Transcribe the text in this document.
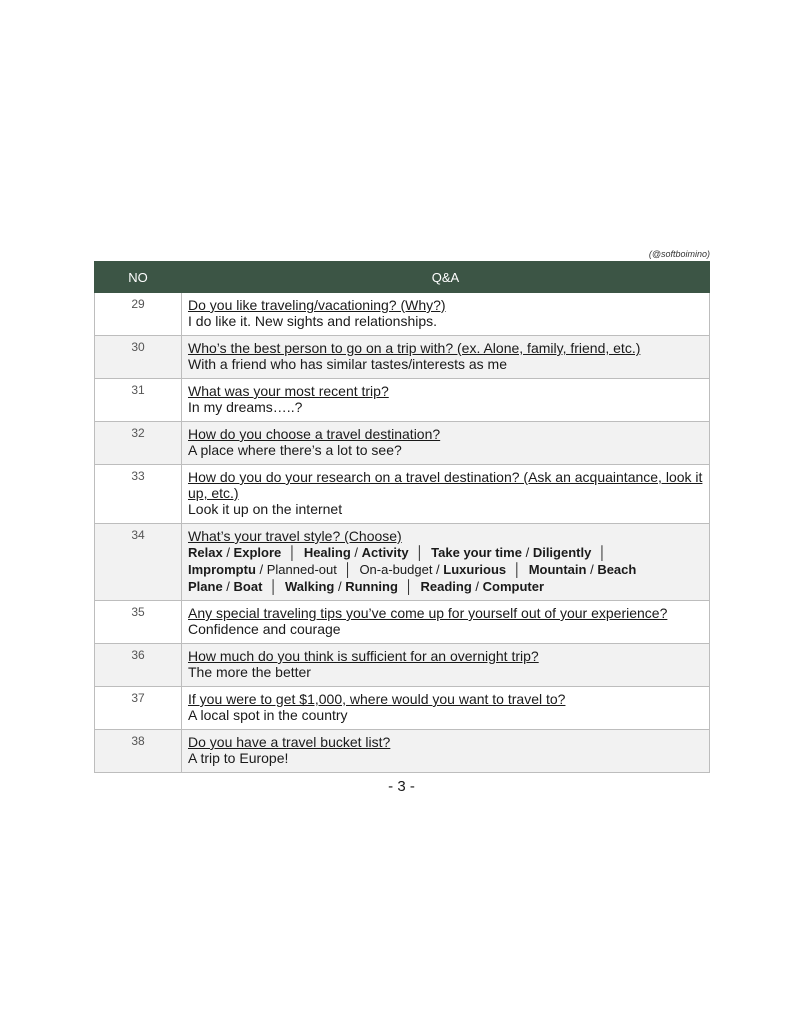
(@softboimino)
NO	Q&A
29	Do you like traveling/vacationing? (Why?)
I do like it. New sights and relationships.

30	Who’s the best person to go on a trip with? (ex. Alone, family, friend, etc.)
With a friend who has similar tastes/interests as me

31	What was your most recent trip?
In my dreams…..?

32	How do you choose a travel destination?
A place where there’s a lot to see?

33	How do you do your research on a travel destination? (Ask an acquaintance, look it up, etc.)
Look it up on the internet

34	What’s your travel style? (Choose)
Relax / Explore  │  Healing / Activity  │  Take your time / Diligently  │
Impromptu / Planned-out  │  On-a-budget / Luxurious  │  Mountain / Beach
Plane / Boat  │  Walking / Running  │  Reading / Computer

35	Any special traveling tips you’ve come up for yourself out of your experience?
Confidence and courage

36	How much do you think is sufficient for an overnight trip?
The more the better

37	If you were to get $1,000, where would you want to travel to?
A local spot in the country

38	Do you have a travel bucket list?
A trip to Europe!
- 3 -
